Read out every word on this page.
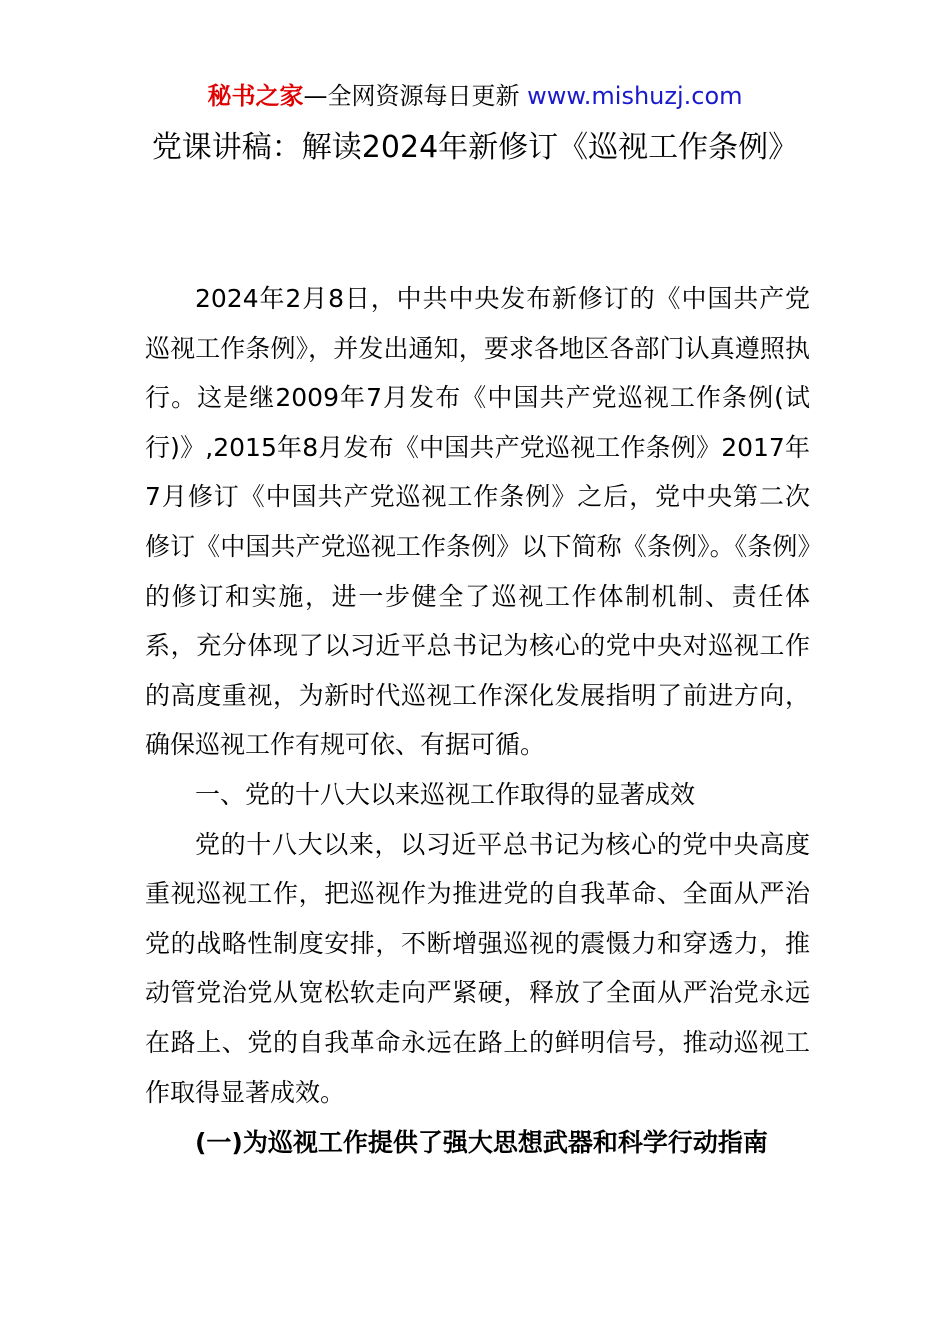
秘书之家—全网资源每日更新 www.mishuzj.com
党课讲稿：解读2024年新修订《巡视工作条例》

2024年2月8日，中共中央发布新修订的《中国共产党巡视工作条例》，并发出通知，要求各地区各部门认真遵照执行。这是继2009年7月发布《中国共产党巡视工作条例(试行)》,2015年8月发布《中国共产党巡视工作条例》2017年7月修订《中国共产党巡视工作条例》之后，党中央第二次修订《中国共产党巡视工作条例》以下简称《条例》。《条例》的修订和实施，进一步健全了巡视工作体制机制、责任体系，充分体现了以习近平总书记为核心的党中央对巡视工作的高度重视，为新时代巡视工作深化发展指明了前进方向，确保巡视工作有规可依、有据可循。

一、党的十八大以来巡视工作取得的显著成效

党的十八大以来，以习近平总书记为核心的党中央高度重视巡视工作，把巡视作为推进党的自我革命、全面从严治党的战略性制度安排，不断增强巡视的震慑力和穿透力，推动管党治党从宽松软走向严紧硬，释放了全面从严治党永远在路上、党的自我革命永远在路上的鲜明信号，推动巡视工作取得显著成效。

(一)为巡视工作提供了强大思想武器和科学行动指南
